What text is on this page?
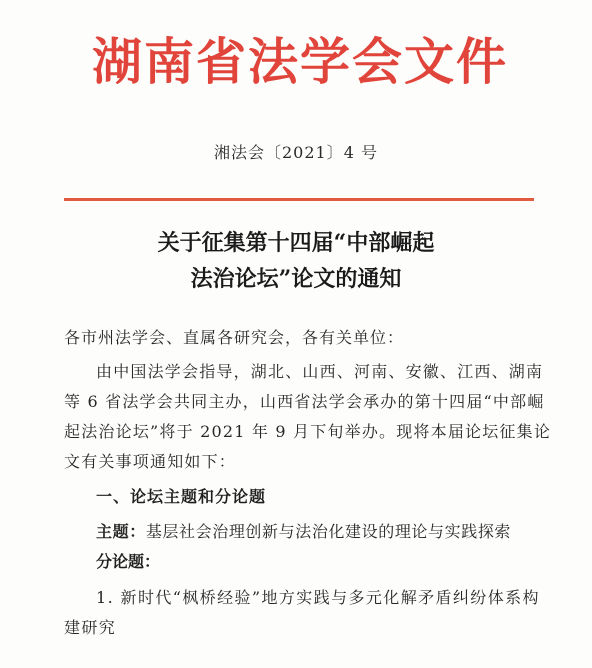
湖南省法学会文件
湘法会〔2021〕4 号
关于征集第十四届“中部崛起
法治论坛”论文的通知
各市州法学会、直属各研究会，各有关单位：
由中国法学会指导，湖北、山西、河南、安徽、江西、湖南等 6 省法学会共同主办，山西省法学会承办的第十四届“中部崛起法治论坛”将于 2021 年 9 月下旬举办。现将本届论坛征集论文有关事项通知如下：
一、论坛主题和分论题
主题：基层社会治理创新与法治化建设的理论与实践探索
分论题：
1. 新时代“枫桥经验”地方实践与多元化解矛盾纠纷体系构建研究
